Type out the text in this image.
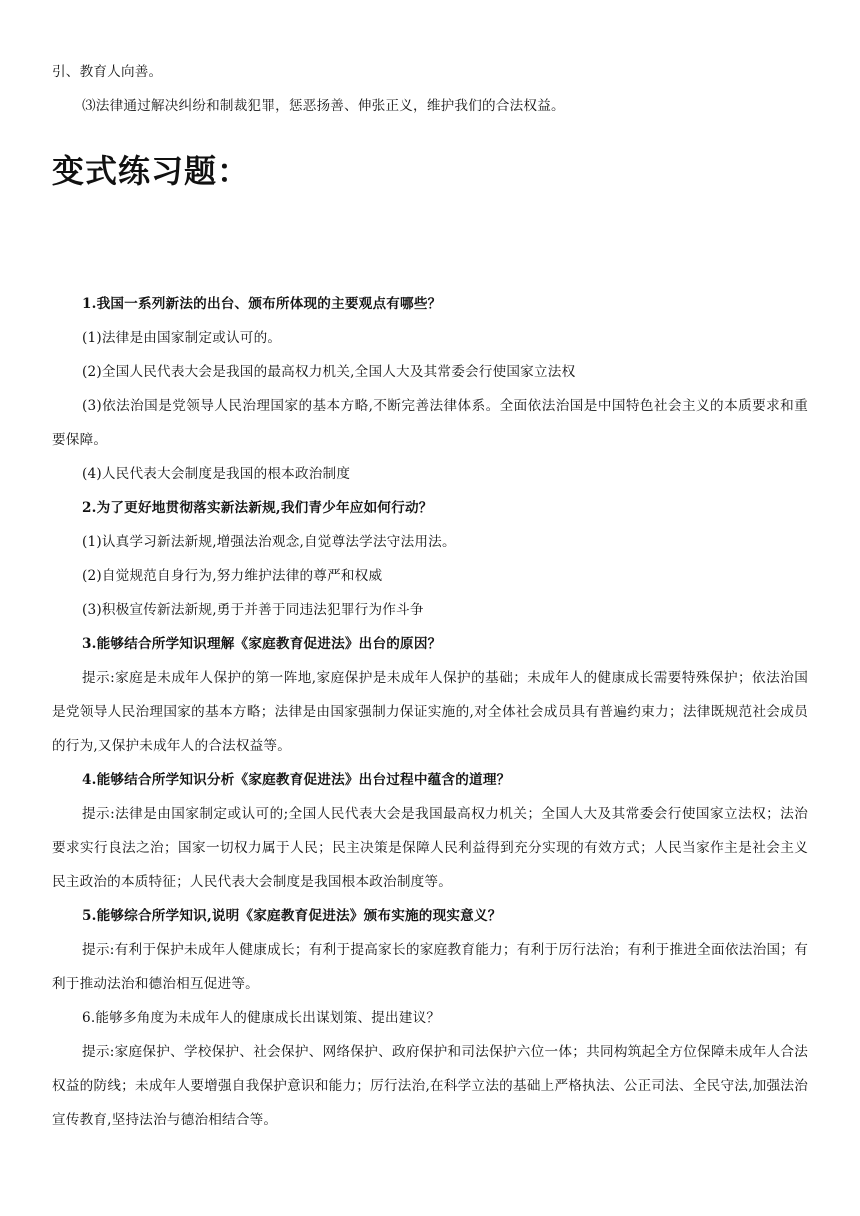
引、教育人向善。

⑶法律通过解决纠纷和制裁犯罪，惩恶扬善、伸张正义，维护我们的合法权益。

变式练习题：

1.我国一系列新法的出台、颁布所体现的主要观点有哪些？

(1)法律是由国家制定或认可的。

(2)全国人民代表大会是我国的最高权力机关,全国人大及其常委会行使国家立法权

(3)依法治国是党领导人民治理国家的基本方略,不断完善法律体系。全面依法治国是中国特色社会主义的本质要求和重要保障。

(4)人民代表大会制度是我国的根本政治制度

2.为了更好地贯彻落实新法新规,我们青少年应如何行动？

(1)认真学习新法新规,增强法治观念,自觉尊法学法守法用法。

(2)自觉规范自身行为,努力维护法律的尊严和权威

(3)积极宣传新法新规,勇于并善于同违法犯罪行为作斗争

3.能够结合所学知识理解《家庭教育促进法》出台的原因？

提示:家庭是未成年人保护的第一阵地,家庭保护是未成年人保护的基础；未成年人的健康成长需要特殊保护；依法治国是党领导人民治理国家的基本方略；法律是由国家强制力保证实施的,对全体社会成员具有普遍约束力；法律既规范社会成员的行为,又保护未成年人的合法权益等。

4.能够结合所学知识分析《家庭教育促进法》出台过程中蕴含的道理？

提示:法律是由国家制定或认可的;全国人民代表大会是我国最高权力机关；全国人大及其常委会行使国家立法权；法治要求实行良法之治；国家一切权力属于人民；民主决策是保障人民利益得到充分实现的有效方式；人民当家作主是社会主义民主政治的本质特征；人民代表大会制度是我国根本政治制度等。

5.能够综合所学知识,说明《家庭教育促进法》颁布实施的现实意义？

提示:有利于保护未成年人健康成长；有利于提高家长的家庭教育能力；有利于厉行法治；有利于推进全面依法治国；有利于推动法治和德治相互促进等。

6.能够多角度为未成年人的健康成长出谋划策、提出建议？

提示:家庭保护、学校保护、社会保护、网络保护、政府保护和司法保护六位一体；共同构筑起全方位保障未成年人合法权益的防线；未成年人要增强自我保护意识和能力；厉行法治,在科学立法的基础上严格执法、公正司法、全民守法,加强法治宣传教育,坚持法治与德治相结合等。
